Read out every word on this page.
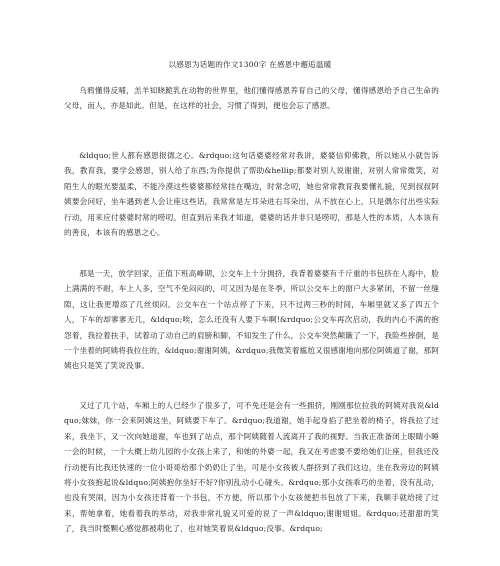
以感恩为话题的作文1300字 在感恩中邂逅温暖
乌鸦懂得反哺，羔羊知晓跪乳在动物的世界里，他们懂得感恩养育自己的父母，懂得感恩给予自己生命的父母，而人，亦是如此。但是，在这样的社会，习惯了得到，便也会忘了感恩。
&ldquo;世人都有感恩报德之心。&rdquo;这句话婆婆经常对我讲，婆婆信仰佛教，所以她从小就告诉我，教育我，要学会感恩，别人给了东西;为你提供了帮助&hellip;都要对别人说谢谢，对别人常常微笑，对陌生人的眼光要温柔，不能冷漠这些婆婆都经常挂在嘴边，时常念叨，她也常常教育我要懂礼貌，见到叔叔阿姨要会问好，坐车遇到老人会让座这些话，我常常是左耳朵进右耳朵出，从不放在心上，只是偶尔付出些实际行动，用来应付婆婆时常的唠叨。但直到后来我才知道，婆婆的话并非只是唠叨，那是人性的本质，人本该有的善良，本该有的感恩之心。
那是一天，放学回家，正值下班高峰期，公交车上十分拥挤，我背着婆婆有千斤重的书包挤在人海中，脸上满满的不耐，车上人多，空气不免闷闷的，可又因为是在冬季，所以公交车上的窗户大多紧闭，不留一丝缝隙，这让我更增添了几丝烦闷。公交车在一个站点停了下来，只不过两三秒的时间，车厢里就又多了四五个人，下车的却寥寥无几，&ldquo;唉，怎么还没有人要下车啊!&rdquo;公交车再次启动，我的内心不满的抱怨着，我拉着扶手，试着动了动自己的肩膀和脚，不知发生了什么，公交车突然颠簸了一下，我险些摔倒，是一个坐着的阿姨将我拉住的，&ldquo;谢谢阿姨。&rdquo;我微笑着尴尬又很感谢地向那位阿姨道了谢，那阿姨也只是笑了笑说没事。
又过了几个站，车厢上的人已经少了很多了，可不免还是会有一些拥挤，刚刚那位拉我的阿姨对我说&ldquo;妹妹，你一会来阿姨这坐，阿姨要下车了。&rdquo;我道谢，她手起身掐了把坐着的椅子，将我拉了过来，我坐下，又一次向她道谢，车也到了站点，那个阿姨随着人流离开了我的视野。当我正准备闭上眼睛小睡一会的时候，一个大概上幼儿园的小女孩上来了，和她的外婆一起，我又在考虑要不要给她们让座，但我还没行动便有比我还快速的一位小哥哥给那个奶奶让了坐，可是小女孩被人群挤到了我们这边，坐在我旁边的阿姨将小女孩抱起说&ldquo;阿姨抱你坐好不好?你别乱动小心碰头。&rdquo;那小女孩乖巧的坐着，没有乱动，也没有哭闹，因为小女孩还背着一个书包，不方便，所以那个小女孩便把书包放了下来，我顺手就给接了过来，帮她拿着，她看着我的举动，对我非常礼貌又可爱的说了一声&ldquo;谢谢姐姐。&rdquo;还甜甜的笑了，我当时整颗心感觉都被萌化了，也对她笑着说&ldquo;没事。&rdquo;
